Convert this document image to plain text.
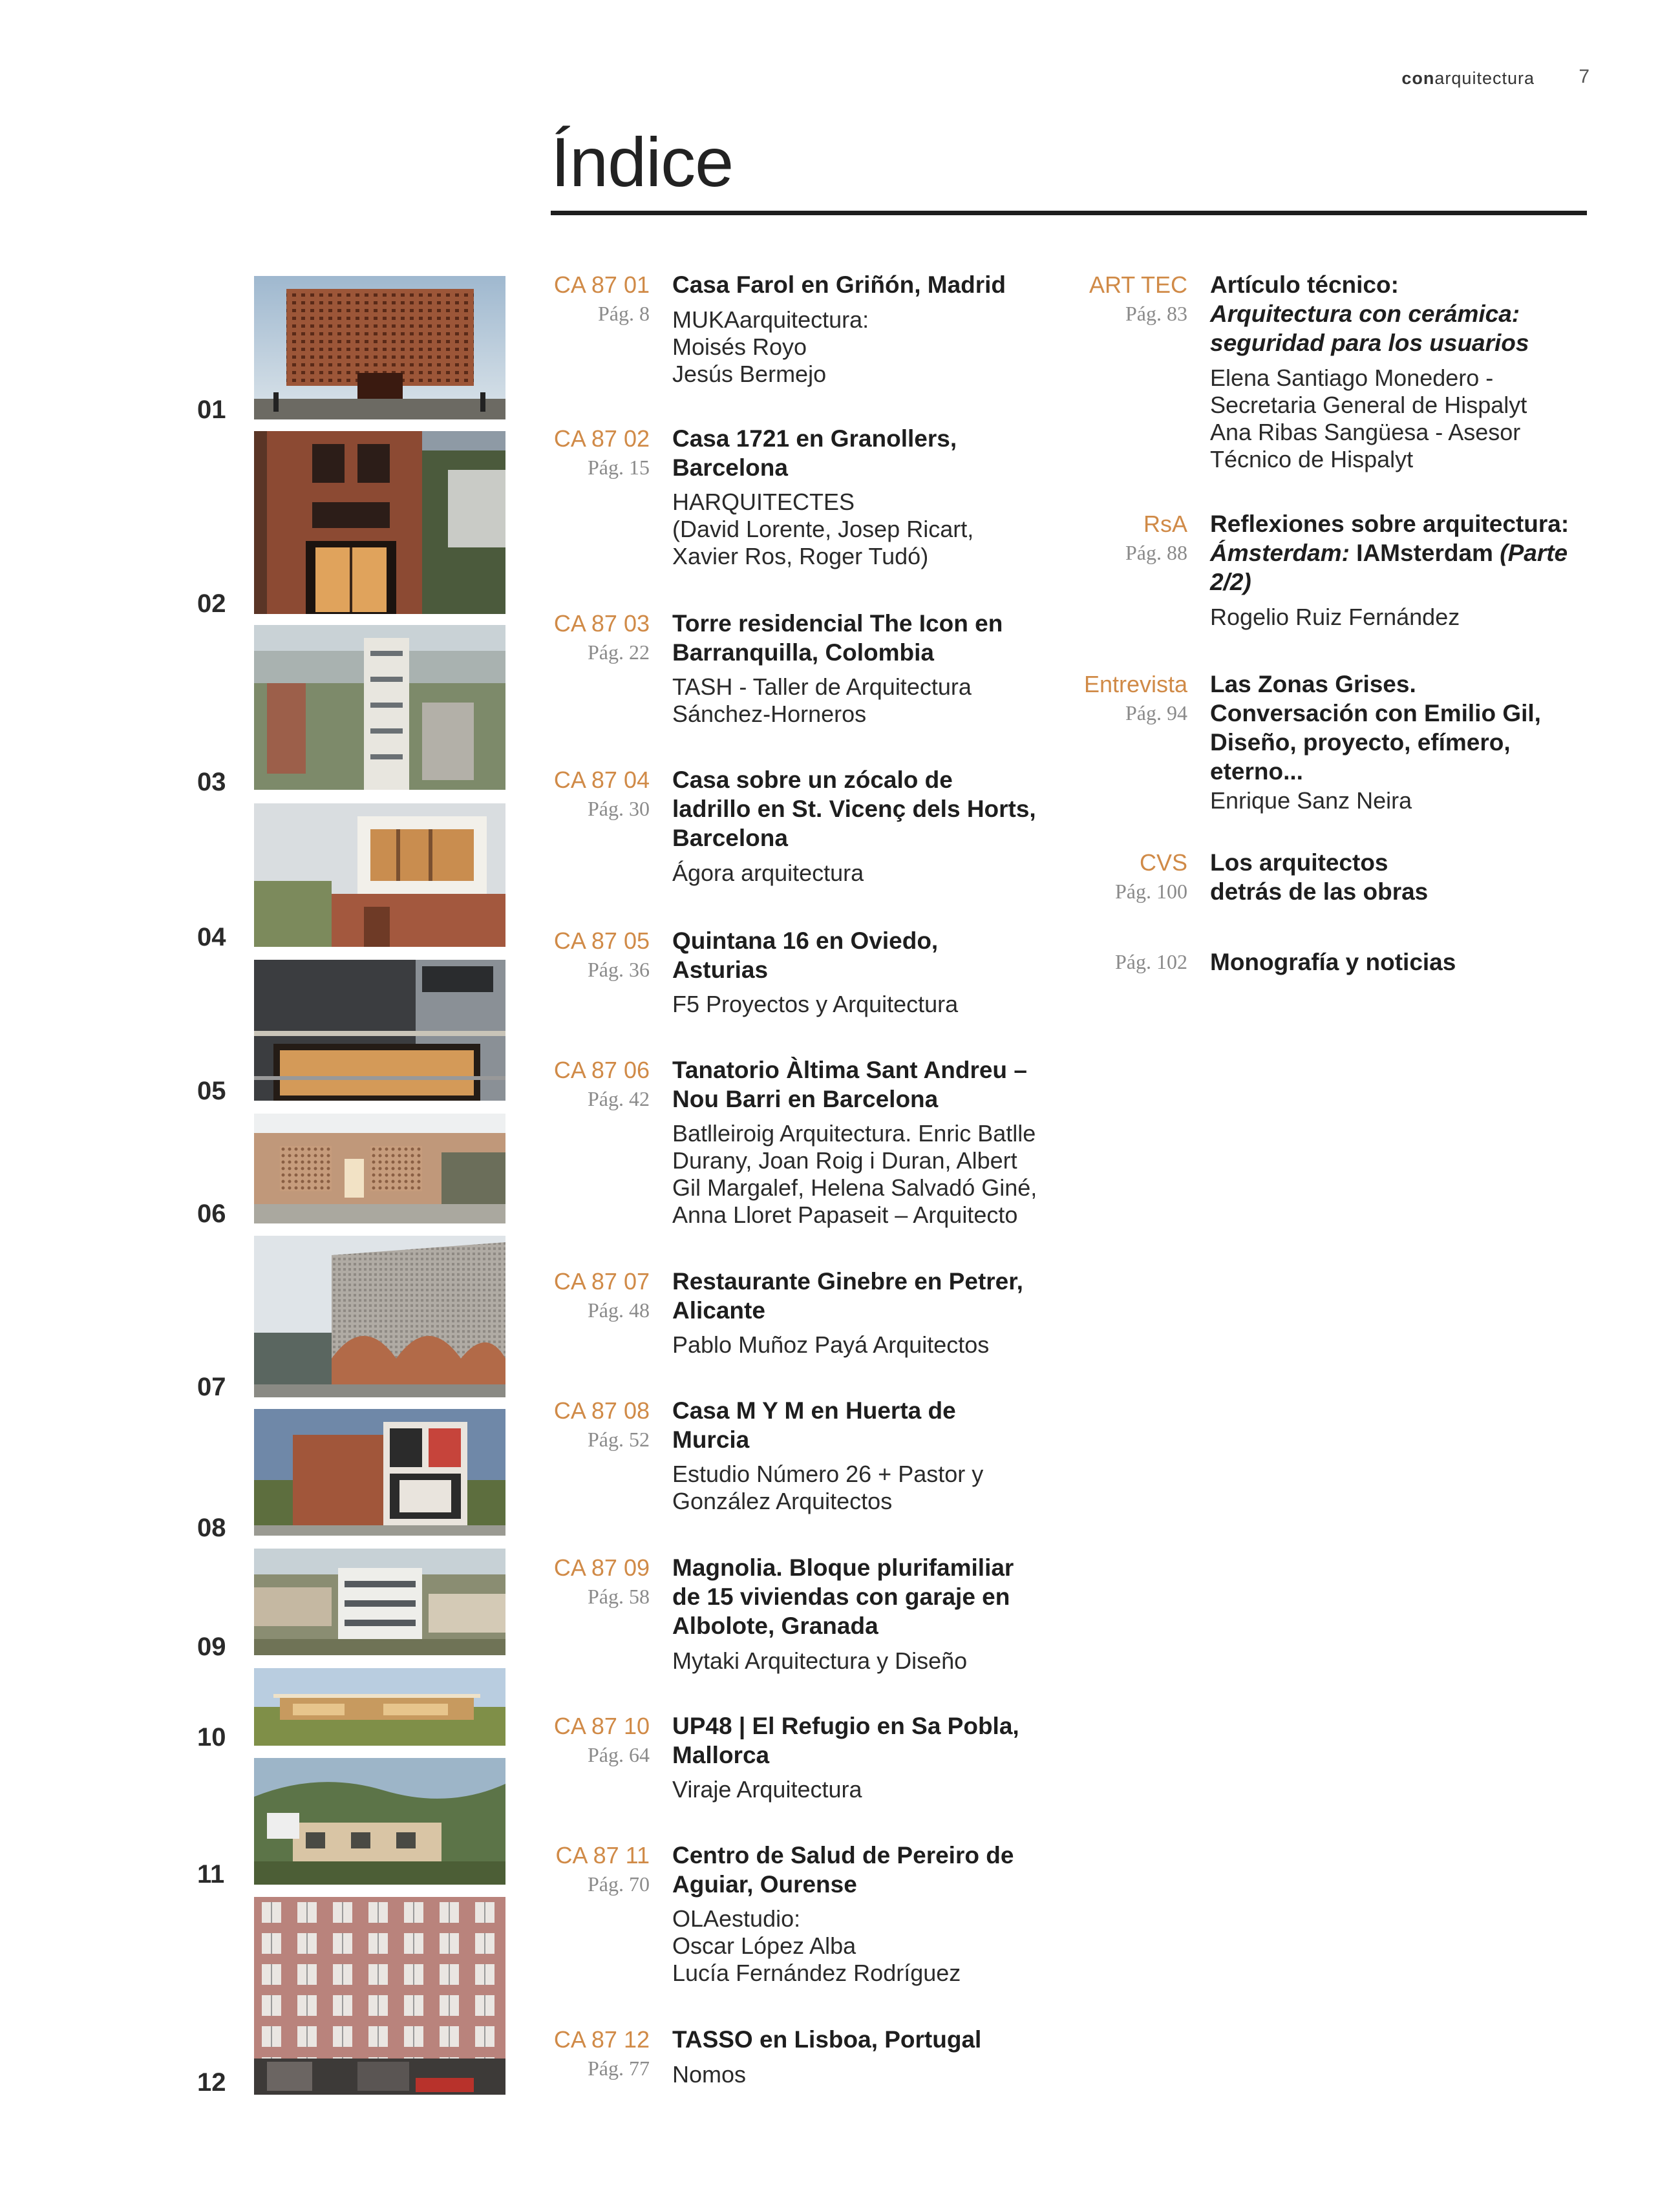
conarquitectura 7
Índice
01
02
03
04
05
06
07
08
09
10
11
12
CA 87 01
Pág. 8
Casa Farol en Griñón, Madrid
MUKAarquitectura:
Moisés Royo
Jesús Bermejo
CA 87 02
Pág. 15
Casa 1721 en Granollers,
Barcelona
HARQUITECTES
(David Lorente, Josep Ricart,
Xavier Ros, Roger Tudó)
CA 87 03
Pág. 22
Torre residencial The Icon en
Barranquilla, Colombia
TASH - Taller de Arquitectura
Sánchez-Horneros
CA 87 04
Pág. 30
Casa sobre un zócalo de
ladrillo en St. Vicenç dels Horts,
Barcelona
Ágora arquitectura
CA 87 05
Pág. 36
Quintana 16 en Oviedo,
Asturias
F5 Proyectos y Arquitectura
CA 87 06
Pág. 42
Tanatorio Àltima Sant Andreu –
Nou Barri en Barcelona
Batlleiroig Arquitectura. Enric Batlle
Durany, Joan Roig i Duran, Albert
Gil Margalef, Helena Salvadó Giné,
Anna Lloret Papaseit – Arquitecto
CA 87 07
Pág. 48
Restaurante Ginebre en Petrer,
Alicante
Pablo Muñoz Payá Arquitectos
CA 87 08
Pág. 52
Casa M Y M en Huerta de
Murcia
Estudio Número 26 + Pastor y
González Arquitectos
CA 87 09
Pág. 58
Magnolia. Bloque plurifamiliar
de 15 viviendas con garaje en
Albolote, Granada
Mytaki Arquitectura y Diseño
CA 87 10
Pág. 64
UP48 | El Refugio en Sa Pobla,
Mallorca
Viraje Arquitectura
CA 87 11
Pág. 70
Centro de Salud de Pereiro de
Aguiar, Ourense
OLAestudio:
Oscar López Alba
Lucía Fernández Rodríguez
CA 87 12
Pág. 77
TASSO en Lisboa, Portugal
Nomos
ART TEC
Pág. 83
Artículo técnico:
Arquitectura con cerámica:
seguridad para los usuarios
Elena Santiago Monedero -
Secretaria General de Hispalyt
Ana Ribas Sangüesa - Asesor
Técnico de Hispalyt
RsA
Pág. 88
Reflexiones sobre arquitectura:
Ámsterdam: IAMsterdam (Parte
2/2)
Rogelio Ruiz Fernández
Entrevista
Pág. 94
Las Zonas Grises.
Conversación con Emilio Gil,
Diseño, proyecto, efímero,
eterno...
Enrique Sanz Neira
CVS
Pág. 100
Los arquitectos
detrás de las obras
Pág. 102 Monografía y noticias
